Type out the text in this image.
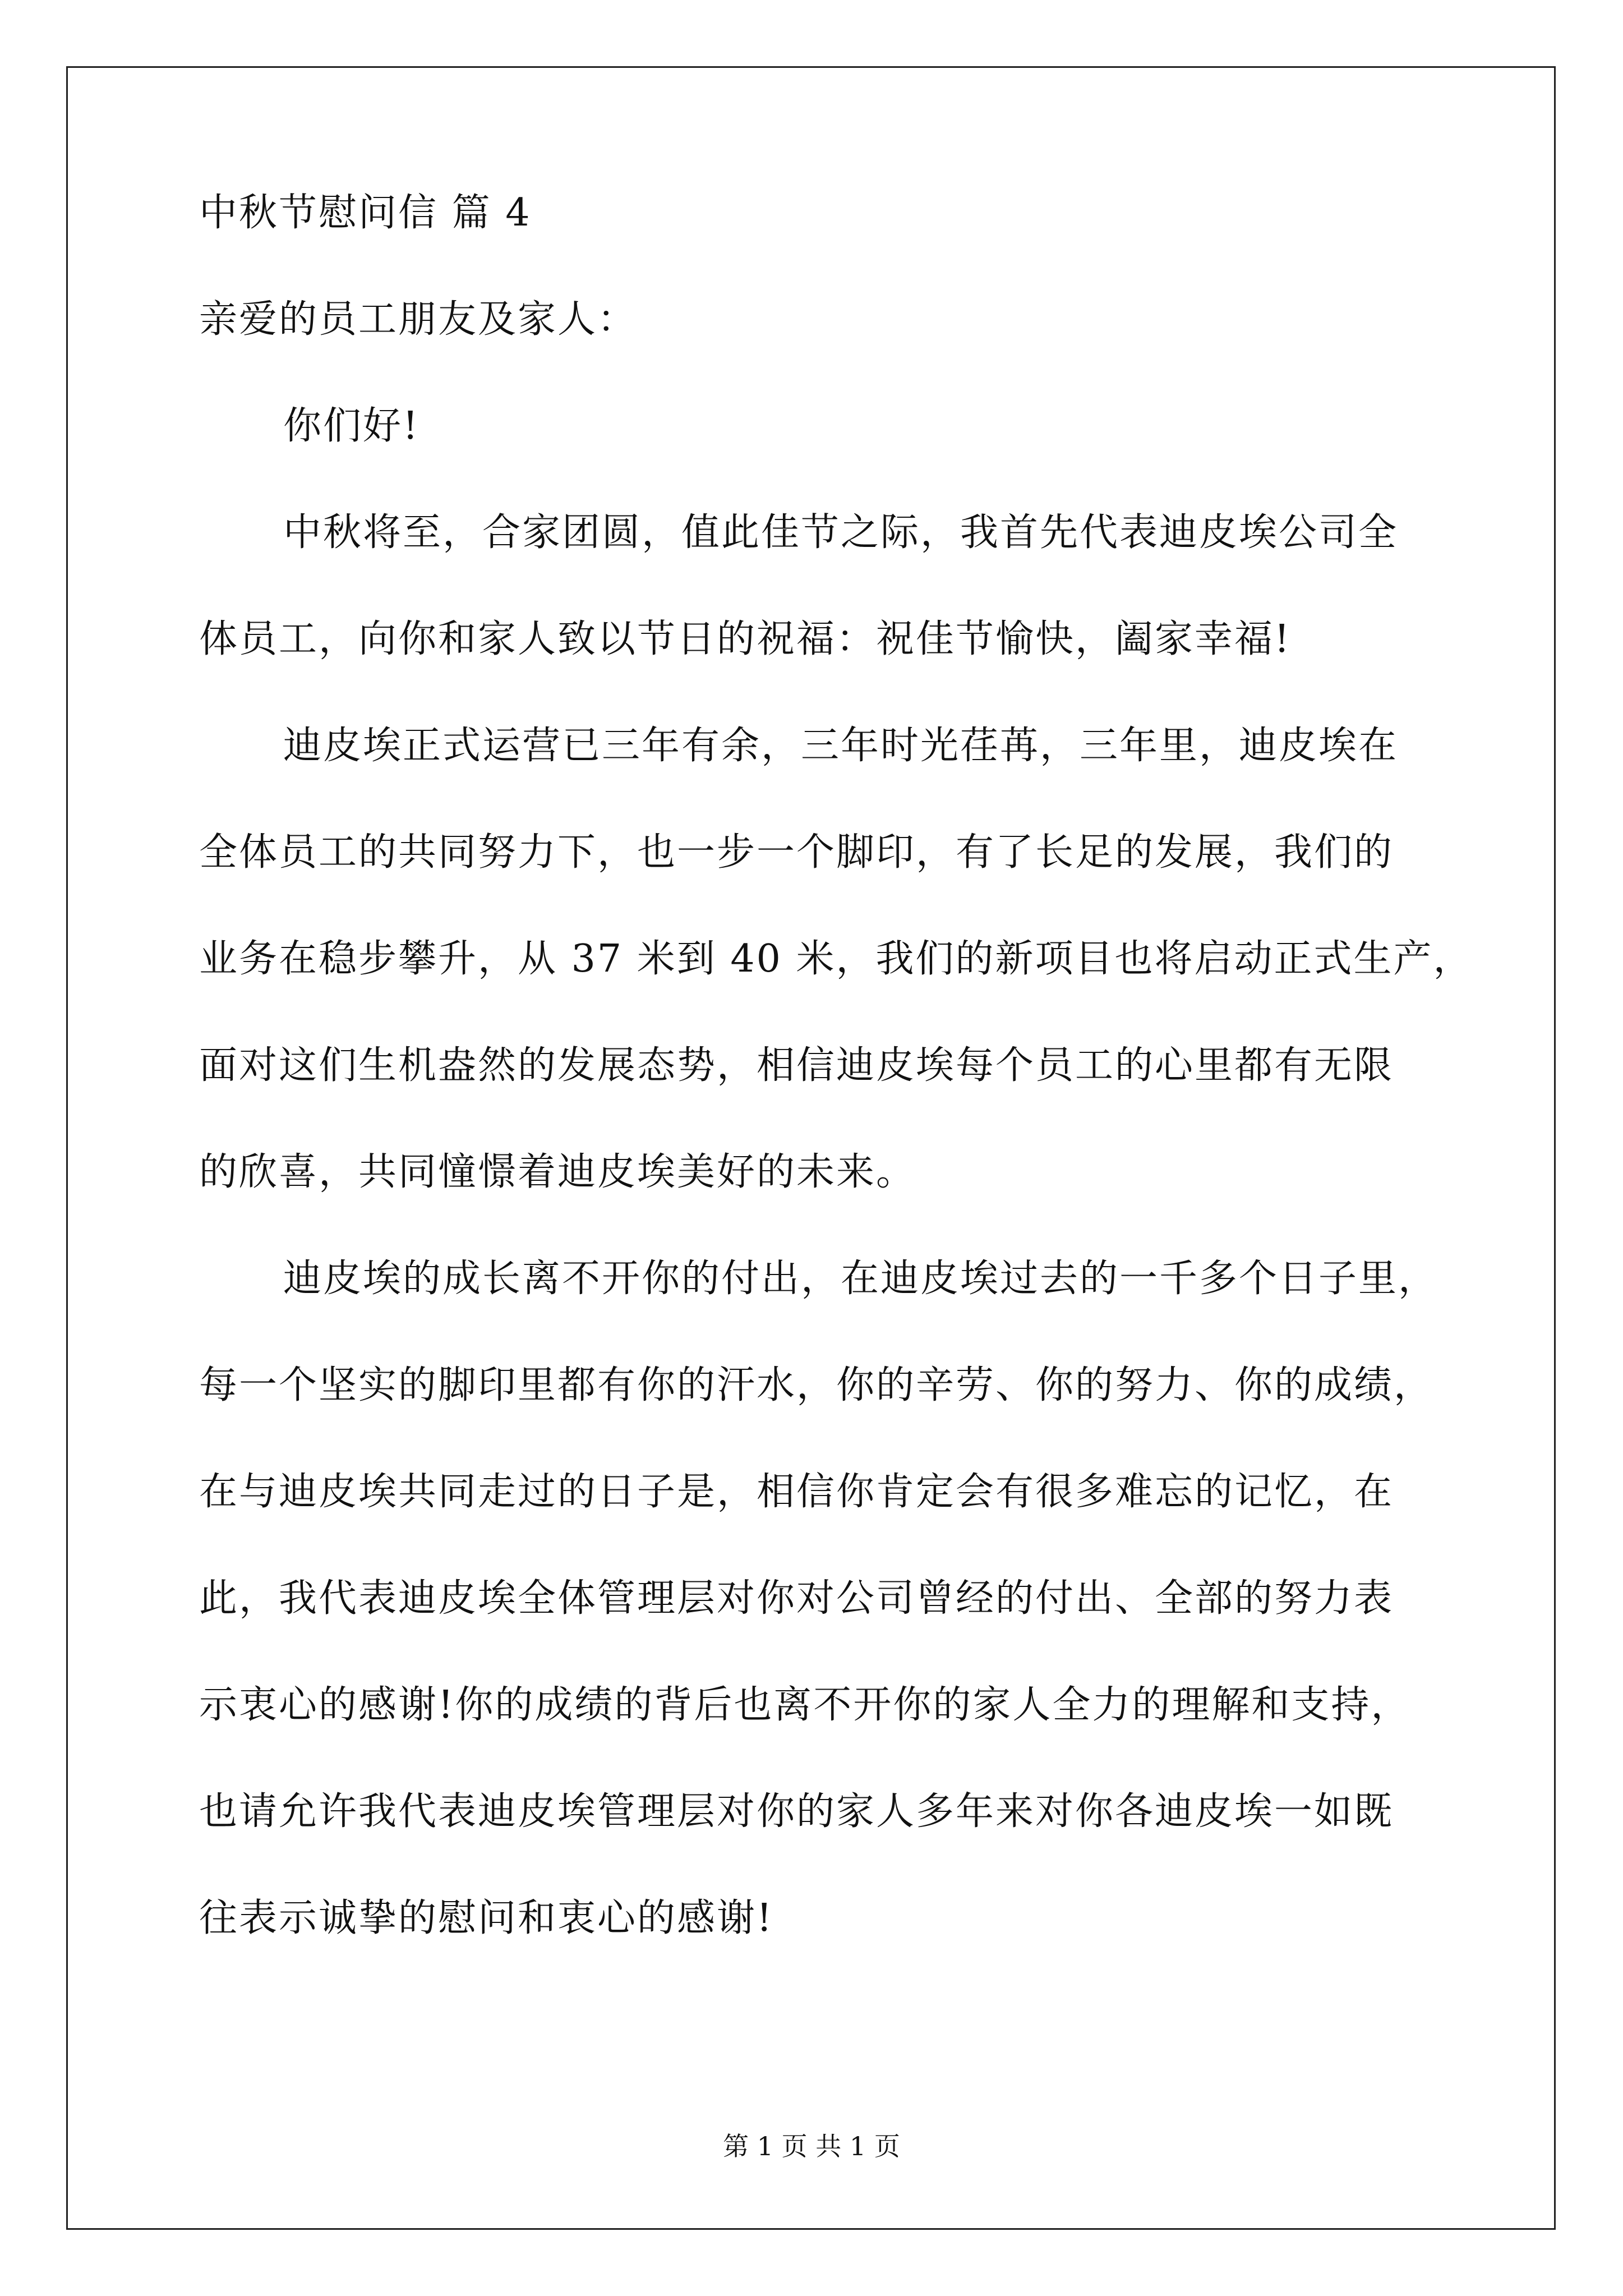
中秋节慰问信 篇 4
亲爱的员工朋友及家人：
你们好!
中秋将至，合家团圆，值此佳节之际，我首先代表迪皮埃公司全
体员工，向你和家人致以节日的祝福：祝佳节愉快，阖家幸福!
迪皮埃正式运营已三年有余，三年时光荏苒，三年里，迪皮埃在
全体员工的共同努力下，也一步一个脚印，有了长足的发展，我们的
业务在稳步攀升，从 37 米到 40 米，我们的新项目也将启动正式生产，
面对这们生机盎然的发展态势，相信迪皮埃每个员工的心里都有无限
的欣喜，共同憧憬着迪皮埃美好的未来。
迪皮埃的成长离不开你的付出，在迪皮埃过去的一千多个日子里，
每一个坚实的脚印里都有你的汗水，你的辛劳、你的努力、你的成绩，
在与迪皮埃共同走过的日子是，相信你肯定会有很多难忘的记忆，在
此，我代表迪皮埃全体管理层对你对公司曾经的付出、全部的努力表
示衷心的感谢!你的成绩的背后也离不开你的家人全力的理解和支持，
也请允许我代表迪皮埃管理层对你的家人多年来对你各迪皮埃一如既
往表示诚挚的慰问和衷心的感谢!
第 1 页 共 1 页
